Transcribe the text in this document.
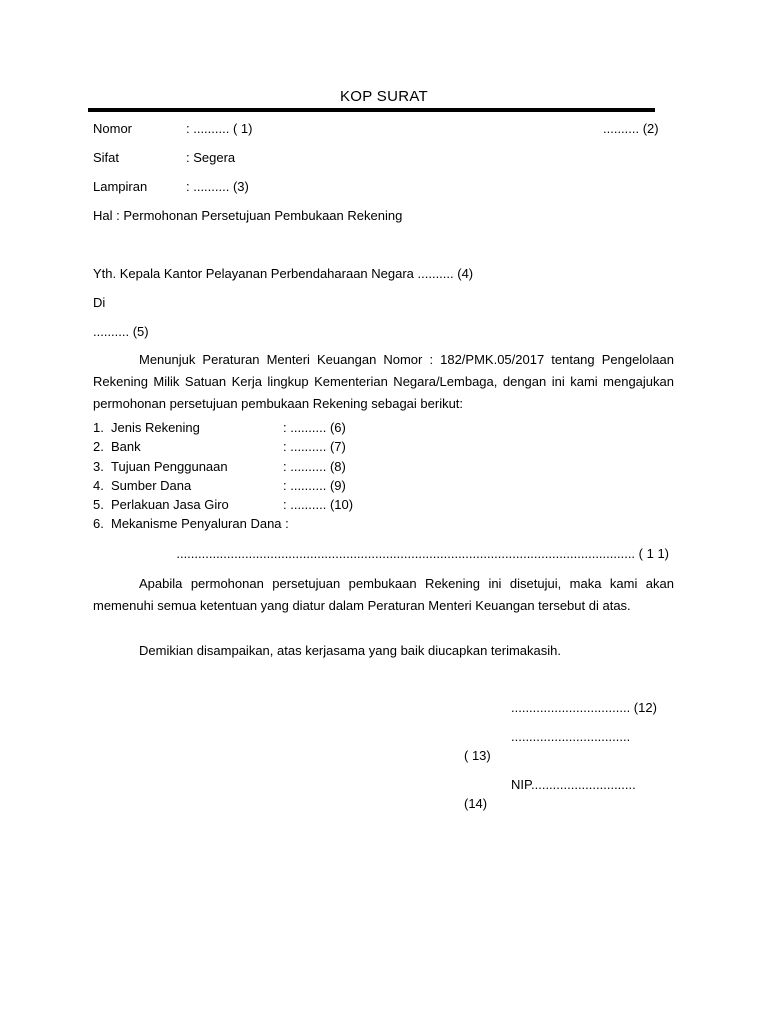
KOP SURAT
Nomor	: .......... ( 1)	.......... (2)
Sifat	: Segera
Lampiran	: .......... (3)
Hal : Permohonan Persetujuan Pembukaan Rekening
Yth. Kepala Kantor Pelayanan Perbendaharaan Negara .......... (4)
Di
.......... (5)
Menunjuk Peraturan Menteri Keuangan Nomor : 182/PMK.05/2017 tentang Pengelolaan Rekening Milik Satuan Kerja lingkup Kementerian Negara/Lembaga, dengan ini kami mengajukan permohonan persetujuan pembukaan Rekening sebagai berikut:
1. Jenis Rekening	: .......... (6)
2. Bank	: .......... (7)
3. Tujuan Penggunaan	: .......... (8)
4. Sumber Dana	: .......... (9)
5. Perlakuan Jasa Giro	: .......... (10)
6. Mekanisme Penyaluran Dana :
............................................................................................................................... ( 1 1)
Apabila permohonan persetujuan pembukaan Rekening ini disetujui, maka kami akan memenuhi semua ketentuan yang diatur dalam Peraturan Menteri Keuangan tersebut di atas.
Demikian disampaikan, atas kerjasama yang baik diucapkan terimakasih.
................................. (12)
.................................
( 13)
NIP.............................
(14)
